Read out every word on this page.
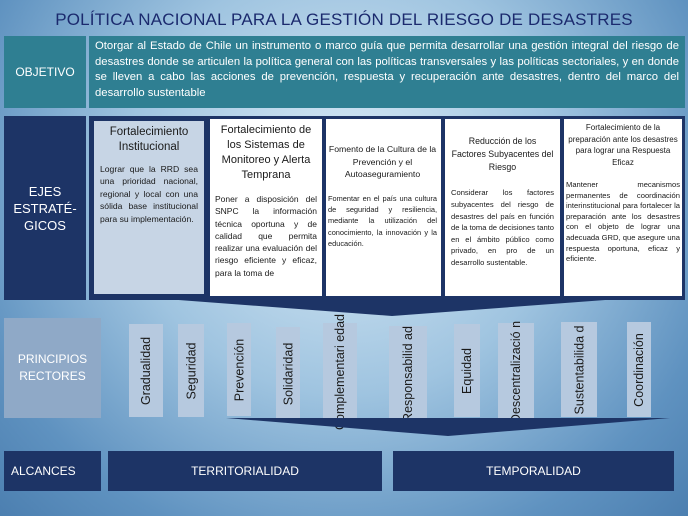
POLÍTICA NACIONAL PARA LA GESTIÓN DEL RIESGO DE DESASTRES
OBJETIVO
Otorgar al Estado de Chile un instrumento o marco guía que permita desarrollar una gestión integral del riesgo de desastres donde se articulen la política general con las políticas transversales y las políticas sectoriales, y en donde se lleven a cabo las acciones de prevención, respuesta y recuperación ante desastres, dentro del marco del desarrollo sustentable
EJES ESTRATÉ-GICOS
Fortalecimiento Institucional
Lograr que la RRD sea una prioridad nacional, regional y local con una sólida base institucional para su implementación.
Fortalecimiento de los Sistemas de Monitoreo y Alerta Temprana
Poner a disposición del SNPC la información técnica oportuna y de calidad que permita realizar una evaluación del riesgo eficiente y eficaz, para la toma de
Fomento de la Cultura de la Prevención y el Autoaseguramiento
Fomentar en el país una cultura de seguridad y resiliencia, mediante la utilización del conocimiento, la innovación y la educación.
Reducción de los Factores Subyacentes del Riesgo
Considerar los factores subyacentes del riesgo de desastres del país en función de la toma de decisiones tanto en el ámbito público como privado, en pro de un desarrollo sustentable.
Fortalecimiento de la preparación ante los desastres para lograr una Respuesta Eficaz
Mantener mecanismos permanentes de coordinación interinstitucional para fortalecer la preparación ante los desastres con el objeto de lograr una adecuada GRD, que asegure una respuesta oportuna, eficaz y eficiente.
PRINCIPIOS RECTORES	Gradualidad Seguridad	Prevención	Solidaridad	Complementari edad	Responsabilid ad	Equidad	Descentralizació n	Sustentabilida d	Coordinación
ALCANCES	TERRITORIALIDAD	TEMPORALIDAD
